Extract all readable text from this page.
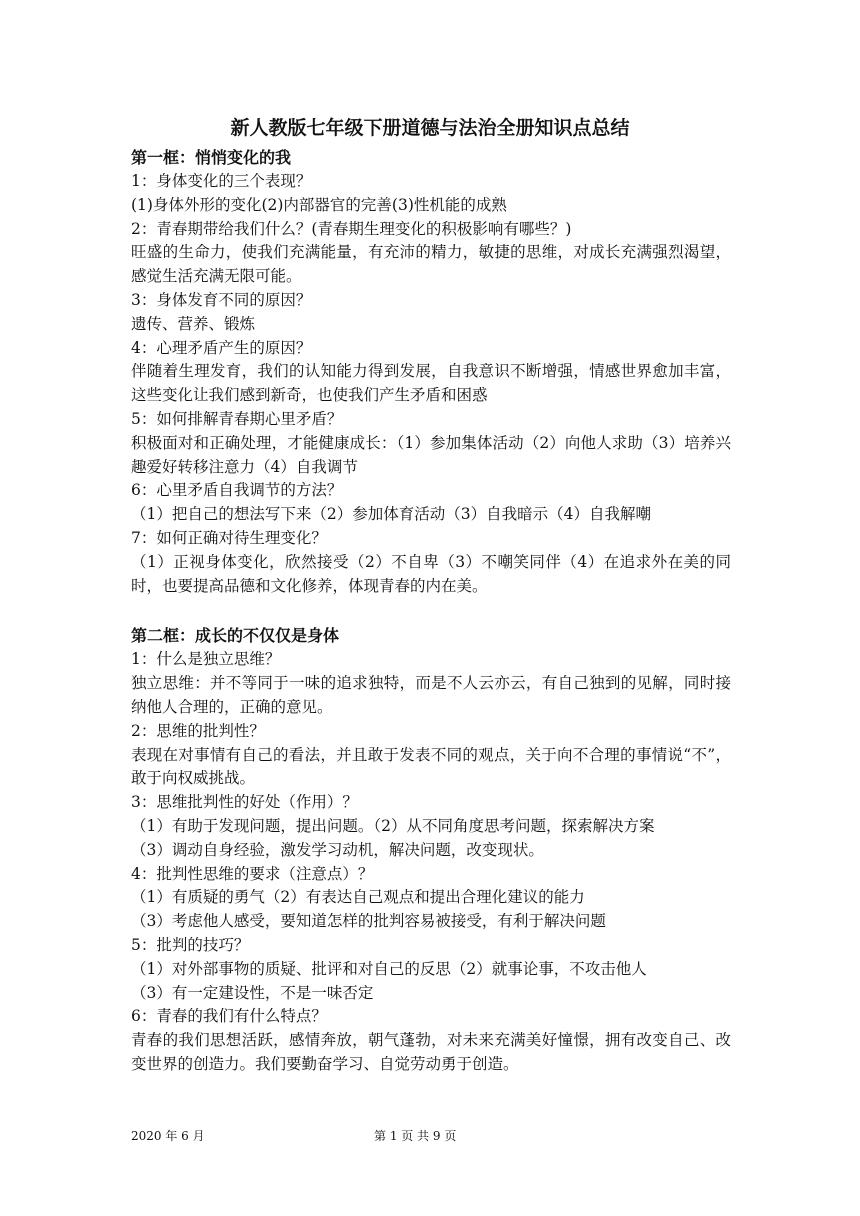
新人教版七年级下册道德与法治全册知识点总结
第一框：悄悄变化的我

1：身体变化的三个表现？

(1)身体外形的变化(2)内部器官的完善(3)性机能的成熟

2：青春期带给我们什么？(青春期生理变化的积极影响有哪些？)

旺盛的生命力，使我们充满能量，有充沛的精力，敏捷的思维，对成长充满强烈渴望，感觉生活充满无限可能。

3：身体发育不同的原因？

遗传、营养、锻炼

4：心理矛盾产生的原因？

伴随着生理发育，我们的认知能力得到发展，自我意识不断增强，情感世界愈加丰富，这些变化让我们感到新奇，也使我们产生矛盾和困惑

5：如何排解青春期心里矛盾？

积极面对和正确处理，才能健康成长：（1）参加集体活动（2）向他人求助（3）培养兴趣爱好转移注意力（4）自我调节

6：心里矛盾自我调节的方法？

（1）把自己的想法写下来（2）参加体育活动（3）自我暗示（4）自我解嘲

7：如何正确对待生理变化？

（1）正视身体变化，欣然接受（2）不自卑（3）不嘲笑同伴（4）在追求外在美的同时，也要提高品德和文化修养，体现青春的内在美。

第二框：成长的不仅仅是身体

1：什么是独立思维？

独立思维：并不等同于一味的追求独特，而是不人云亦云，有自己独到的见解，同时接纳他人合理的，正确的意见。

2：思维的批判性？

表现在对事情有自己的看法，并且敢于发表不同的观点，关于向不合理的事情说“不”，敢于向权威挑战。

3：思维批判性的好处（作用）？

（1）有助于发现问题，提出问题。（2）从不同角度思考问题，探索解决方案

（3）调动自身经验，激发学习动机，解决问题，改变现状。

4：批判性思维的要求（注意点）？

（1）有质疑的勇气（2）有表达自己观点和提出合理化建议的能力

（3）考虑他人感受，要知道怎样的批判容易被接受，有利于解决问题

5：批判的技巧？

（1）对外部事物的质疑、批评和对自己的反思（2）就事论事，不攻击他人

（3）有一定建设性，不是一味否定

6：青春的我们有什么特点？

青春的我们思想活跃，感情奔放，朝气蓬勃，对未来充满美好憧憬，拥有改变自己、改变世界的创造力。我们要勤奋学习、自觉劳动勇于创造。

2020 年 6 月	第 1 页 共 9 页
